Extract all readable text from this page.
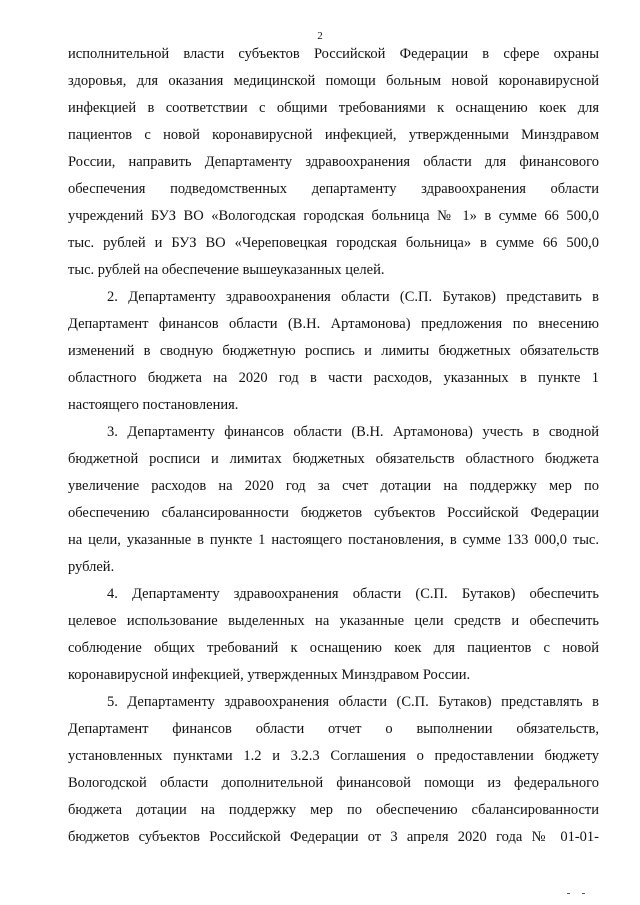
2
исполнительной власти субъектов Российской Федерации в сфере охраны
здоровья, для оказания медицинской помощи больным новой коронавирусной
инфекцией в соответствии с общими требованиями к оснащению коек для
пациентов с новой коронавирусной инфекцией, утвержденными Минздравом
России, направить Департаменту здравоохранения области для финансового
обеспечения подведомственных департаменту здравоохранения области
учреждений БУЗ ВО «Вологодская городская больница № 1» в сумме 66 500,0
тыс. рублей и БУЗ ВО «Череповецкая городская больница» в сумме 66 500,0
тыс. рублей на обеспечение вышеуказанных целей.
2. Департаменту здравоохранения области (С.П. Бутаков) представить в
Департамент финансов области (В.Н. Артамонова) предложения по внесению
изменений в сводную бюджетную роспись и лимиты бюджетных обязательств
областного бюджета на 2020 год в части расходов, указанных в пункте 1
настоящего постановления.
3. Департаменту финансов области (В.Н. Артамонова) учесть в сводной
бюджетной росписи и лимитах бюджетных обязательств областного бюджета
увеличение расходов на 2020 год за счет дотации на поддержку мер по
обеспечению сбалансированности бюджетов субъектов Российской Федерации
на цели, указанные в пункте 1 настоящего постановления, в сумме 133 000,0 тыс.
рублей.
4. Департаменту здравоохранения области (С.П. Бутаков) обеспечить
целевое использование выделенных на указанные цели средств и обеспечить
соблюдение общих требований к оснащению коек для пациентов с новой
коронавирусной инфекцией, утвержденных Минздравом России.
5. Департаменту здравоохранения области (С.П. Бутаков) представлять в
Департамент финансов области отчет о выполнении обязательств,
установленных пунктами 1.2 и 3.2.3 Соглашения о предоставлении бюджету
Вологодской области дополнительной финансовой помощи из федерального
бюджета дотации на поддержку мер по обеспечению сбалансированности
бюджетов субъектов Российской Федерации от 3 апреля 2020 года № 01-01-
